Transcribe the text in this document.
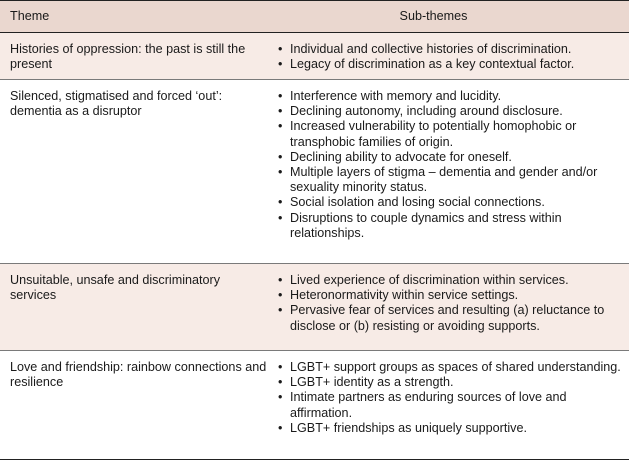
Theme	Sub-themes
Histories of oppression: the past is still the present
• Individual and collective histories of discrimination.
• Legacy of discrimination as a key contextual factor.
Silenced, stigmatised and forced ‘out’: dementia as a disruptor
• Interference with memory and lucidity.
• Declining autonomy, including around disclosure.
• Increased vulnerability to potentially homophobic or transphobic families of origin.
• Declining ability to advocate for oneself.
• Multiple layers of stigma – dementia and gender and/or sexuality minority status.
• Social isolation and losing social connections.
• Disruptions to couple dynamics and stress within relationships.
Unsuitable, unsafe and discriminatory services
• Lived experience of discrimination within services.
• Heteronormativity within service settings.
• Pervasive fear of services and resulting (a) reluctance to disclose or (b) resisting or avoiding supports.
Love and friendship: rainbow connections and resilience
• LGBT+ support groups as spaces of shared understanding.
• LGBT+ identity as a strength.
• Intimate partners as enduring sources of love and affirmation.
• LGBT+ friendships as uniquely supportive.
